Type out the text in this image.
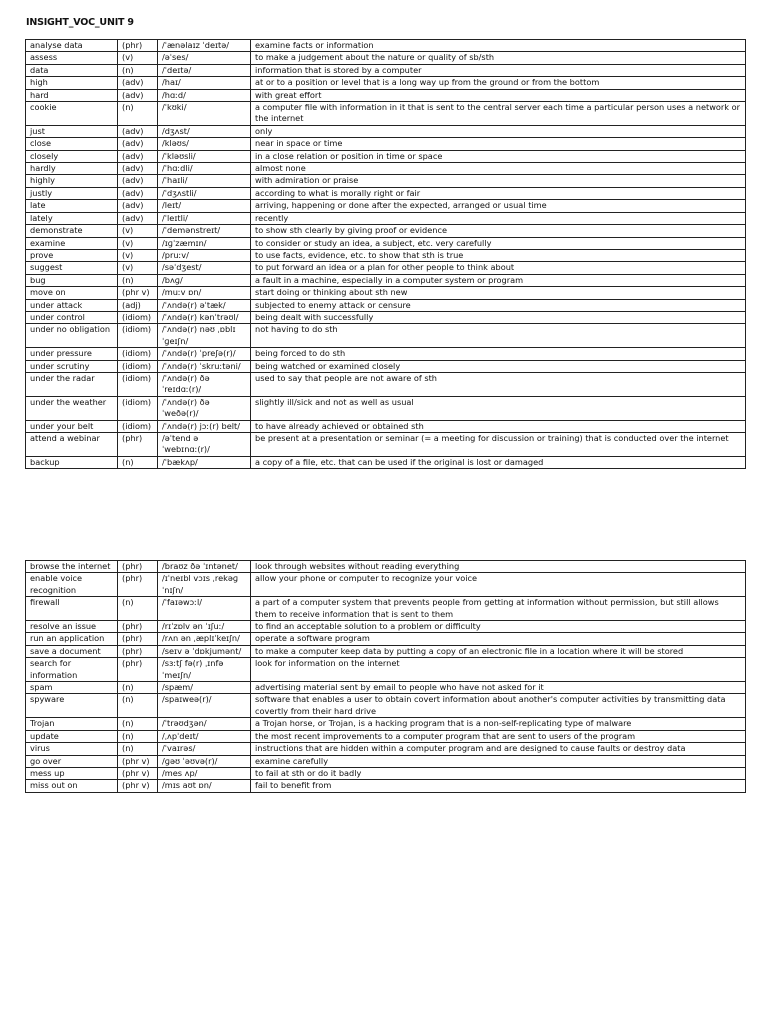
INSIGHT_VOC_UNIT 9
analyse data	(phr)	/ˈænəlaɪz ˈdeɪtə/	examine facts or information
assess	(v)	/əˈses/	to make a judgement about the nature or quality of sb/sth
data	(n)	/ˈdeɪtə/	information that is stored by a computer
high	(adv)	/haɪ/	at or to a position or level that is a long way up from the ground or from the bottom
hard	(adv)	/hɑːd/	with great effort
cookie	(n)	/ˈkʊki/	a computer file with information in it that is sent to the central server each time a particular person uses a network or the internet
just	(adv)	/dʒʌst/	only
close	(adv)	/kləʊs/	near in space or time
closely	(adv)	/ˈkləʊsli/	in a close relation or position in time or space
hardly	(adv)	/ˈhɑːdli/	almost none
highly	(adv)	/ˈhaɪli/	with admiration or praise
justly	(adv)	/ˈdʒʌstli/	according to what is morally right or fair
late	(adv)	/leɪt/	arriving, happening or done after the expected, arranged or usual time
lately	(adv)	/ˈleɪtli/	recently
demonstrate	(v)	/ˈdemənstreɪt/	to show sth clearly by giving proof or evidence
examine	(v)	/ɪɡˈzæmɪn/	to consider or study an idea, a subject, etc. very carefully
prove	(v)	/pruːv/	to use facts, evidence, etc. to show that sth is true
suggest	(v)	/səˈdʒest/	to put forward an idea or a plan for other people to think about
bug	(n)	/bʌɡ/	a fault in a machine, especially in a computer system or program
move on	(phr v)	/muːv ɒn/	start doing or thinking about sth new
under attack	(adj)	/ˈʌndə(r) əˈtæk/	subjected to enemy attack or censure
under control	(idiom)	/ˈʌndə(r) kənˈtrəʊl/	being dealt with successfully
under no obligation	(idiom)	/ˈʌndə(r) nəʊ ˌɒblɪˈɡeɪʃn/	not having to do sth
under pressure	(idiom)	/ˈʌndə(r) ˈpreʃə(r)/	being forced to do sth
under scrutiny	(idiom)	/ˈʌndə(r) ˈskruːtəni/	being watched or examined closely
under the radar	(idiom)	/ˈʌndə(r) ðə ˈreɪdɑː(r)/	used to say that people are not aware of sth
under the weather	(idiom)	/ˈʌndə(r) ðə ˈweðə(r)/	slightly ill/sick and not as well as usual
under your belt	(idiom)	/ˈʌndə(r) jɔː(r) belt/	to have already achieved or obtained sth
attend a webinar	(phr)	/əˈtend ə ˈwebɪnɑː(r)/	be present at a presentation or seminar (= a meeting for discussion or training) that is conducted over the internet
backup	(n)	/ˈbækʌp/	a copy of a file, etc. that can be used if the original is lost or damaged
browse the internet	(phr)	/braʊz ðə ˈɪntənet/	look through websites without reading everything
enable voice recognition	(phr)	/ɪˈneɪbl vɔɪs ˌrekəɡˈnɪʃn/	allow your phone or computer to recognize your voice
firewall	(n)	/ˈfaɪəwɔːl/	a part of a computer system that prevents people from getting at information without permission, but still allows them to receive information that is sent to them
resolve an issue	(phr)	/rɪˈzɒlv ən ˈɪʃuː/	to find an acceptable solution to a problem or difficulty
run an application	(phr)	/rʌn ən ˌæplɪˈkeɪʃn/	operate a software program
save a document	(phr)	/seɪv ə ˈdɒkjumənt/	to make a computer keep data by putting a copy of an electronic file in a location where it will be stored
search for information	(phr)	/sɜːtʃ fə(r) ˌɪnfəˈmeɪʃn/	look for information on the internet
spam	(n)	/spæm/	advertising material sent by email to people who have not asked for it
spyware	(n)	/spaɪweə(r)/	software that enables a user to obtain covert information about another's computer activities by transmitting data covertly from their hard drive
Trojan	(n)	/ˈtrəʊdʒən/	a Trojan horse, or Trojan, is a hacking program that is a non-self-replicating type of malware
update	(n)	/ˌʌpˈdeɪt/	the most recent improvements to a computer program that are sent to users of the program
virus	(n)	/ˈvaɪrəs/	instructions that are hidden within a computer program and are designed to cause faults or destroy data
go over	(phr v)	/ɡəʊ ˈəʊvə(r)/	examine carefully
mess up	(phr v)	/mes ʌp/	to fail at sth or do it badly
miss out on	(phr v)	/mɪs aʊt ɒn/	fail to benefit from
